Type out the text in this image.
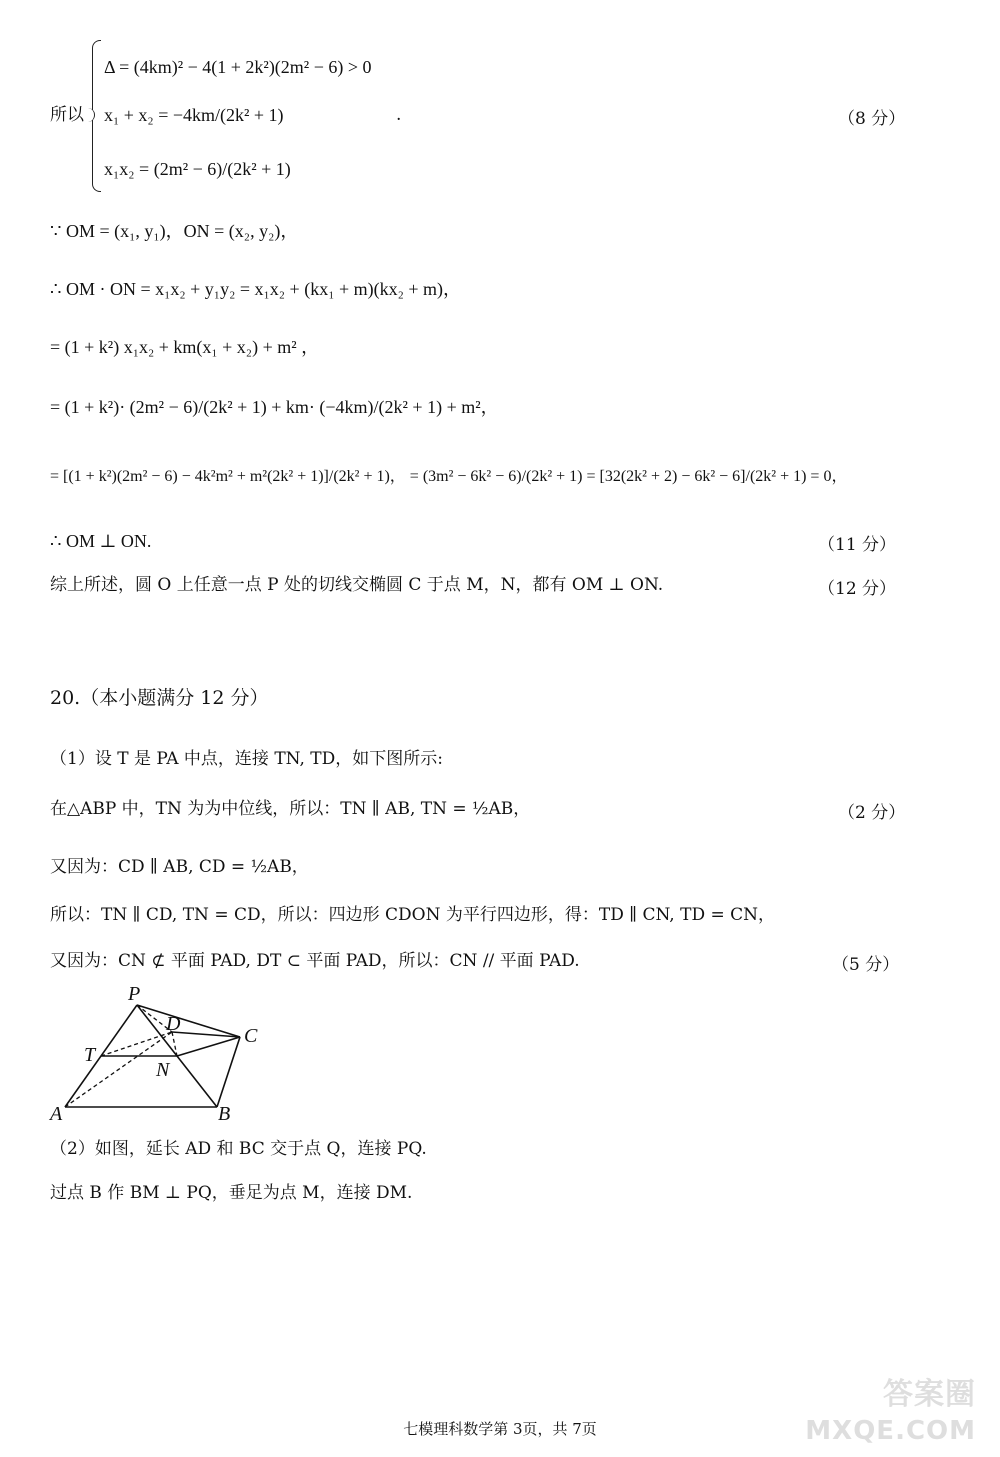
所以
Δ = (4km)² − 4(1 + 2k²)(2m² − 6) > 0
x₁ + x₂ = −4km/(2k² + 1)
x₁x₂ = (2m² − 6)/(2k² + 1)
.	（8 分）
∵ OM = (x₁, y₁)，ON = (x₂, y₂)，
∴ OM · ON = x₁x₂ + y₁y₂ = x₁x₂ + (kx₁ + m)(kx₂ + m)，
= (1 + k²) x₁x₂ + km(x₁ + x₂) + m² ，
= (1 + k²)· (2m² − 6)/(2k² + 1) + km· (−4km)/(2k² + 1) + m²，
= [(1 + k²)(2m² − 6) − 4k²m² + m²(2k² + 1)]/(2k² + 1)， = (3m² − 6k² − 6)/(2k² + 1) = [32(2k² + 2) − 6k² − 6]/(2k² + 1) = 0，
∴ OM ⊥ ON.	（11 分）
综上所述，圆 O 上任意一点 P 处的切线交椭圆 C 于点 M，N，都有 OM ⊥ ON.	（12 分）
20.（本小题满分 12 分）
（1）设 T 是 PA 中点，连接 TN, TD，如下图所示:
在△ABP 中，TN 为为中位线，所以：TN ∥ AB, TN = ½AB，	（2 分）
又因为：CD ∥ AB, CD = ½AB，
所以：TN ∥ CD, TN = CD，所以：四边形 CDON 为平行四边形，得：TD ∥ CN, TD = CN，
又因为：CN ⊄ 平面 PAD, DT ⊂ 平面 PAD，所以：CN // 平面 PAD.	（5 分）
P
D
C
T
N
A	B
（2）如图，延长 AD 和 BC 交于点 Q，连接 PQ.
过点 B 作 BM ⊥ PQ，垂足为点 M，连接 DM.
七模理科数学第 3页，共 7页
答案圈
MXQE.COM
